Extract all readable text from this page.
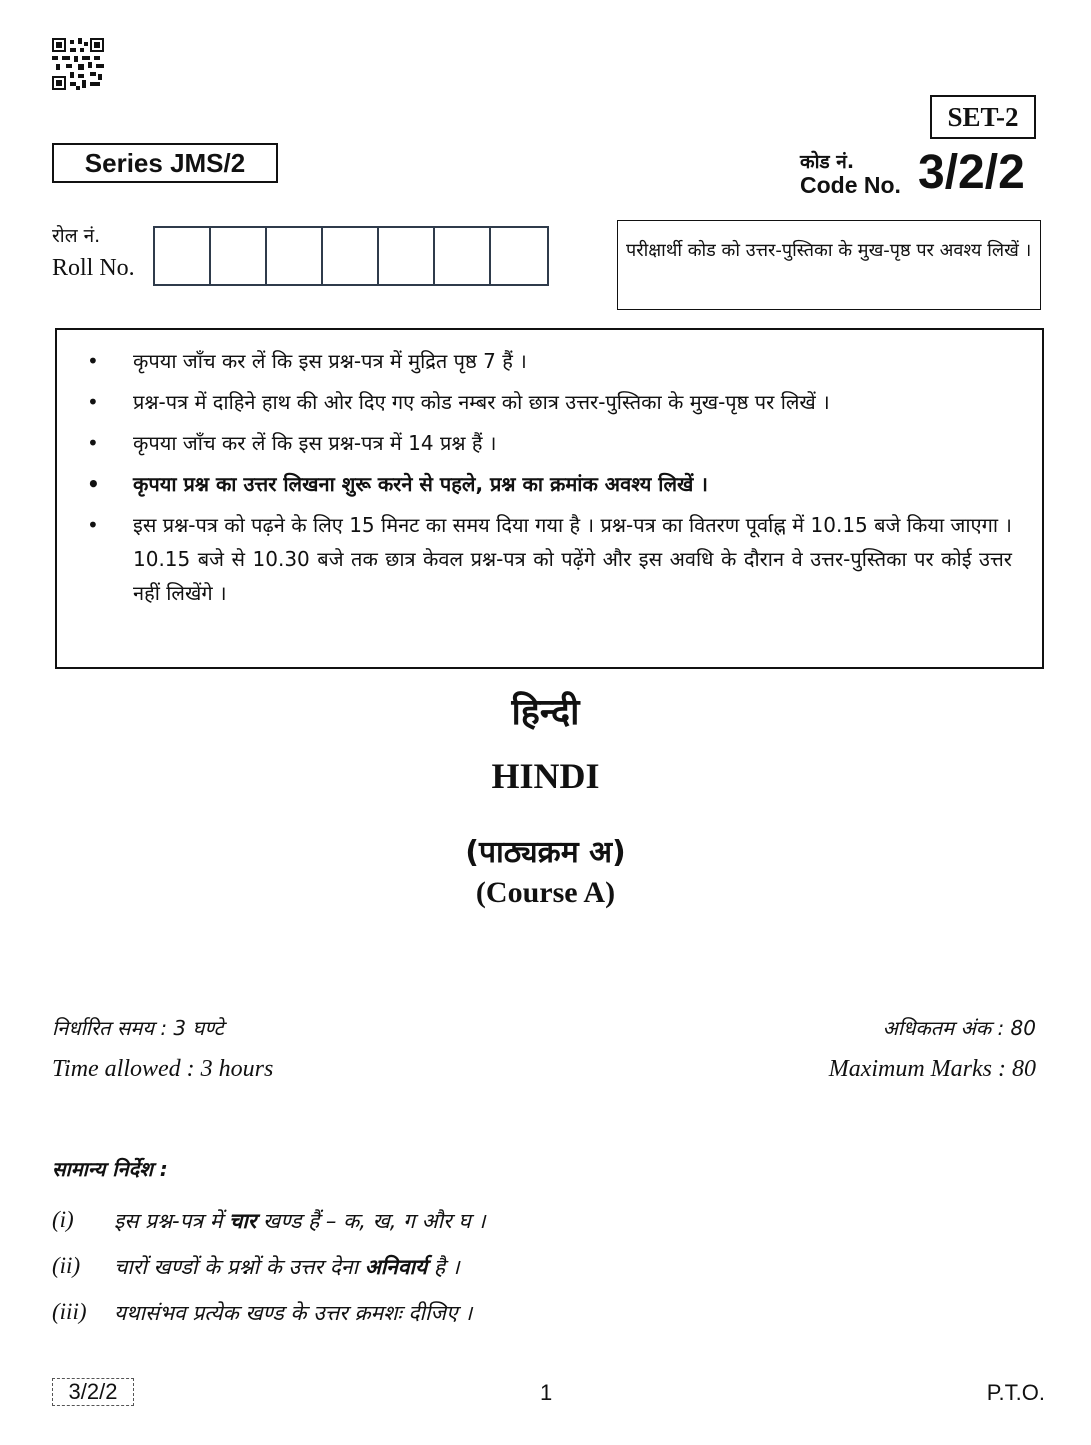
SET-2
Series JMS/2	कोड नं.
Code No. 3/2/2
रोल नं.
Roll No.
परीक्षार्थी कोड को उत्तर-पुस्तिका के मुख-पृष्ठ पर अवश्य लिखें ।
• कृपया जाँच कर लें कि इस प्रश्न-पत्र में मुद्रित पृष्ठ 7 हैं ।
• प्रश्न-पत्र में दाहिने हाथ की ओर दिए गए कोड नम्बर को छात्र उत्तर-पुस्तिका के मुख-पृष्ठ पर लिखें ।
• कृपया जाँच कर लें कि इस प्रश्न-पत्र में 14 प्रश्न हैं ।
• कृपया प्रश्न का उत्तर लिखना शुरू करने से पहले, प्रश्न का क्रमांक अवश्य लिखें ।
• इस प्रश्न-पत्र को पढ़ने के लिए 15 मिनट का समय दिया गया है । प्रश्न-पत्र का वितरण पूर्वाह्न में 10.15 बजे किया जाएगा । 10.15 बजे से 10.30 बजे तक छात्र केवल प्रश्न-पत्र को पढ़ेंगे और इस अवधि के दौरान वे उत्तर-पुस्तिका पर कोई उत्तर नहीं लिखेंगे ।
हिन्दी
HINDI
(पाठ्यक्रम अ)
(Course A)
निर्धारित समय : 3 घण्टे
Time allowed : 3 hours
अधिकतम अंक : 80
Maximum Marks : 80
सामान्य निर्देश :
(i)	इस प्रश्न-पत्र में चार खण्ड हैं – क, ख, ग और घ ।
(ii)	चारों खण्डों के प्रश्नों के उत्तर देना अनिवार्य है ।
(iii)	यथासंभव प्रत्येक खण्ड के उत्तर क्रमशः दीजिए ।
3/2/2	1	P.T.O.
